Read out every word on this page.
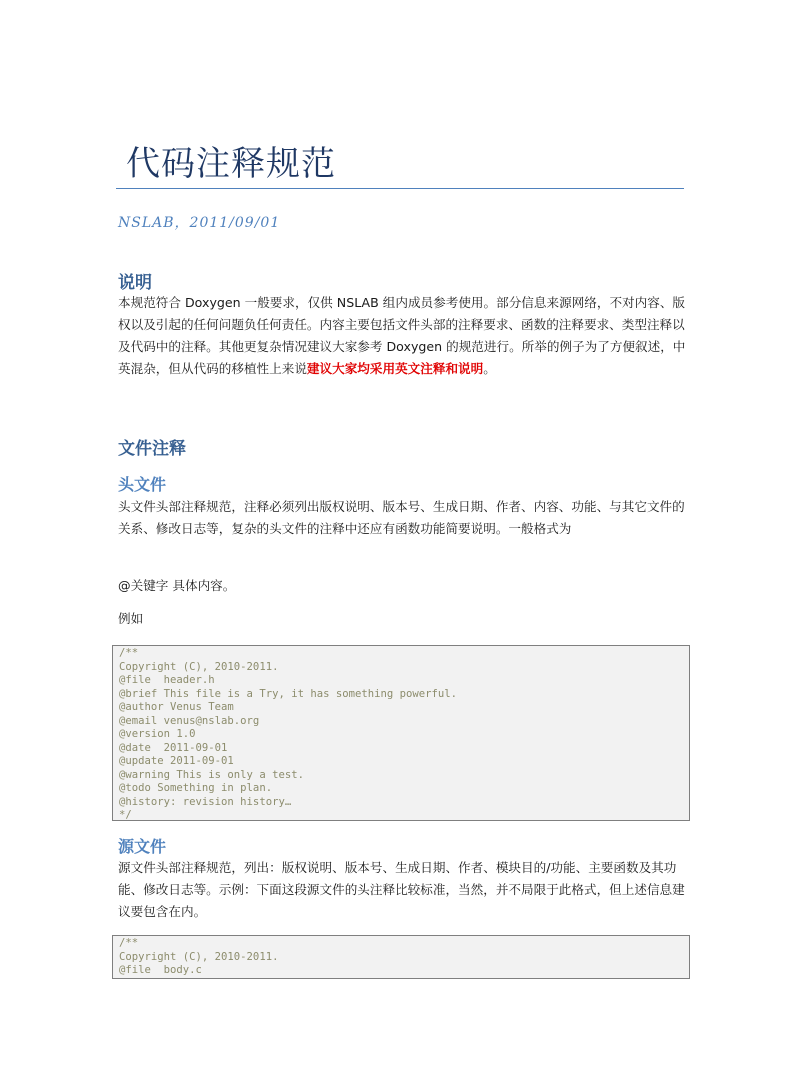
代码注释规范
NSLAB，2011/09/01
说明

本规范符合 Doxygen 一般要求，仅供 NSLAB 组内成员参考使用。部分信息来源网络，不对内容、版权以及引起的任何问题负任何责任。内容主要包括文件头部的注释要求、函数的注释要求、类型注释以及代码中的注释。其他更复杂情况建议大家参考 Doxygen 的规范进行。所举的例子为了方便叙述，中英混杂，但从代码的移植性上来说建议大家均采用英文注释和说明。

文件注释
头文件

头文件头部注释规范，注释必须列出版权说明、版本号、生成日期、作者、内容、功能、与其它文件的关系、修改日志等，复杂的头文件的注释中还应有函数功能简要说明。一般格式为

@关键字 具体内容。

例如

/**
Copyright (C), 2010-2011.
@file  header.h
@brief This file is a Try, it has something powerful.
@author Venus Team
@email venus@nslab.org
@version 1.0
@date  2011-09-01
@update 2011-09-01
@warning This is only a test.
@todo Something in plan.
@history: revision history…
*/
源文件

源文件头部注释规范，列出：版权说明、版本号、生成日期、作者、模块目的/功能、主要函数及其功能、修改日志等。示例：下面这段源文件的头注释比较标准，当然，并不局限于此格式，但上述信息建议要包含在内。

/**
Copyright (C), 2010-2011.
@file  body.c
